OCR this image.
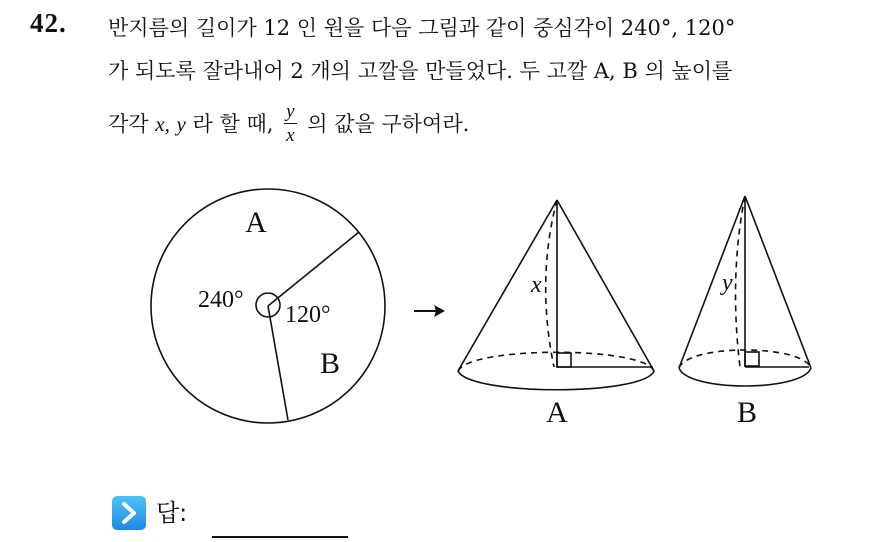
42. 반지름의 길이가 12 인 원을 다음 그림과 같이 중심각이 240°, 120°
가 되도록 잘라내어 2 개의 고깔을 만들었다. 두 고깔 A, B 의 높이를
각각 x, y 라 할 때, $\frac{y}{x}$ 의 값을 구하여라.
A
B
240°
120°
x	y
A	B
답:
